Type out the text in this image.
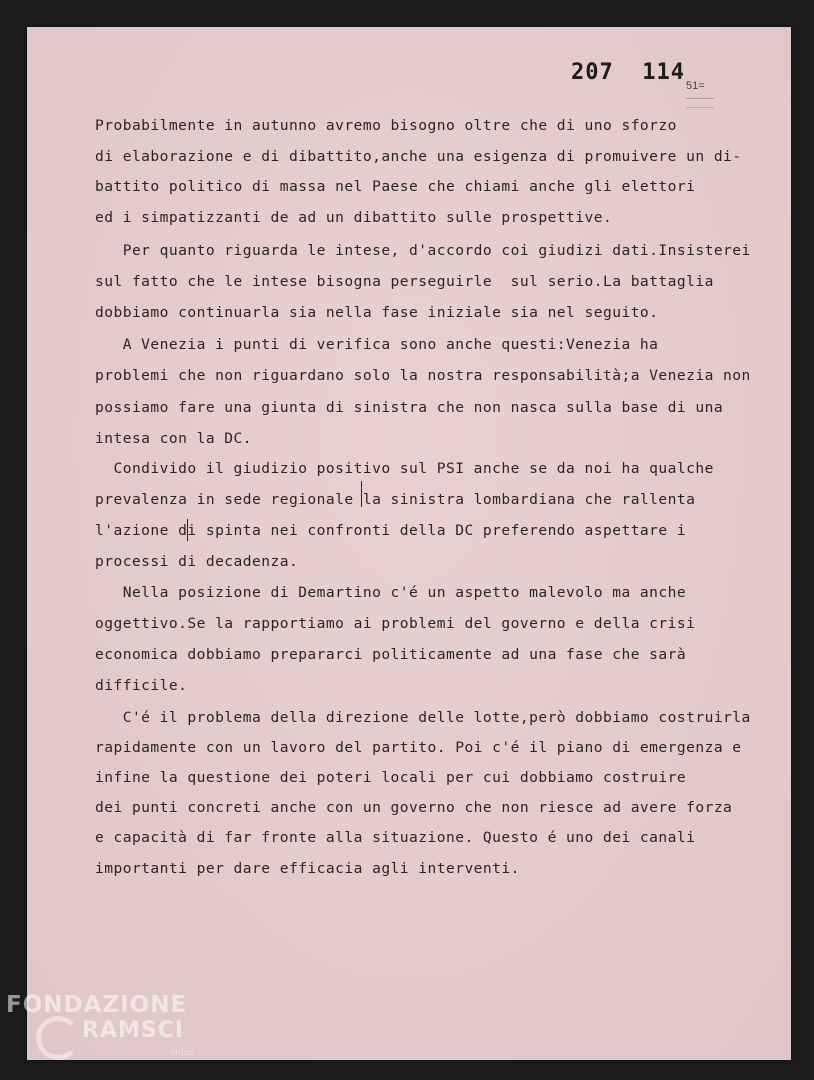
207  114
51=
Probabilmente in autunno avremo bisogno oltre che di uno sforzo
di elaborazione e di dibattito,anche una esigenza di promuivere un di-
battito politico di massa nel Paese che chiami anche gli elettori
ed i simpatizzanti de ad un dibattito sulle prospettive.
Per quanto riguarda le intese, d'accordo coi giudizi dati.Insisterei
sul fatto che le intese bisogna perseguirle  sul serio.La battaglia
dobbiamo continuarla sia nella fase iniziale sia nel seguito.
A Venezia i punti di verifica sono anche questi:Venezia ha
problemi che non riguardano solo la nostra responsabilità;a Venezia non
possiamo fare una giunta di sinistra che non nasca sulla base di una
intesa con la DC.
Condivido il giudizio positivo sul PSI anche se da noi ha qualche
prevalenza in sede regionale la sinistra lombardiana che rallenta
l'azione di spinta nei confronti della DC preferendo aspettare i
processi di decadenza.
Nella posizione di Demartino c'é un aspetto malevolo ma anche
oggettivo.Se la rapportiamo ai problemi del governo e della crisi
economica dobbiamo prepararci politicamente ad una fase che sarà
difficile.
C'é il problema della direzione delle lotte,però dobbiamo costruirla
rapidamente con un lavoro del partito. Poi c'é il piano di emergenza e
infine la questione dei poteri locali per cui dobbiamo costruire
dei punti concreti anche con un governo che non riesce ad avere forza
e capacità di far fronte alla situazione. Questo é uno dei canali
importanti per dare efficacia agli interventi.
FONDAZIONE
RAMSCI
onlus
